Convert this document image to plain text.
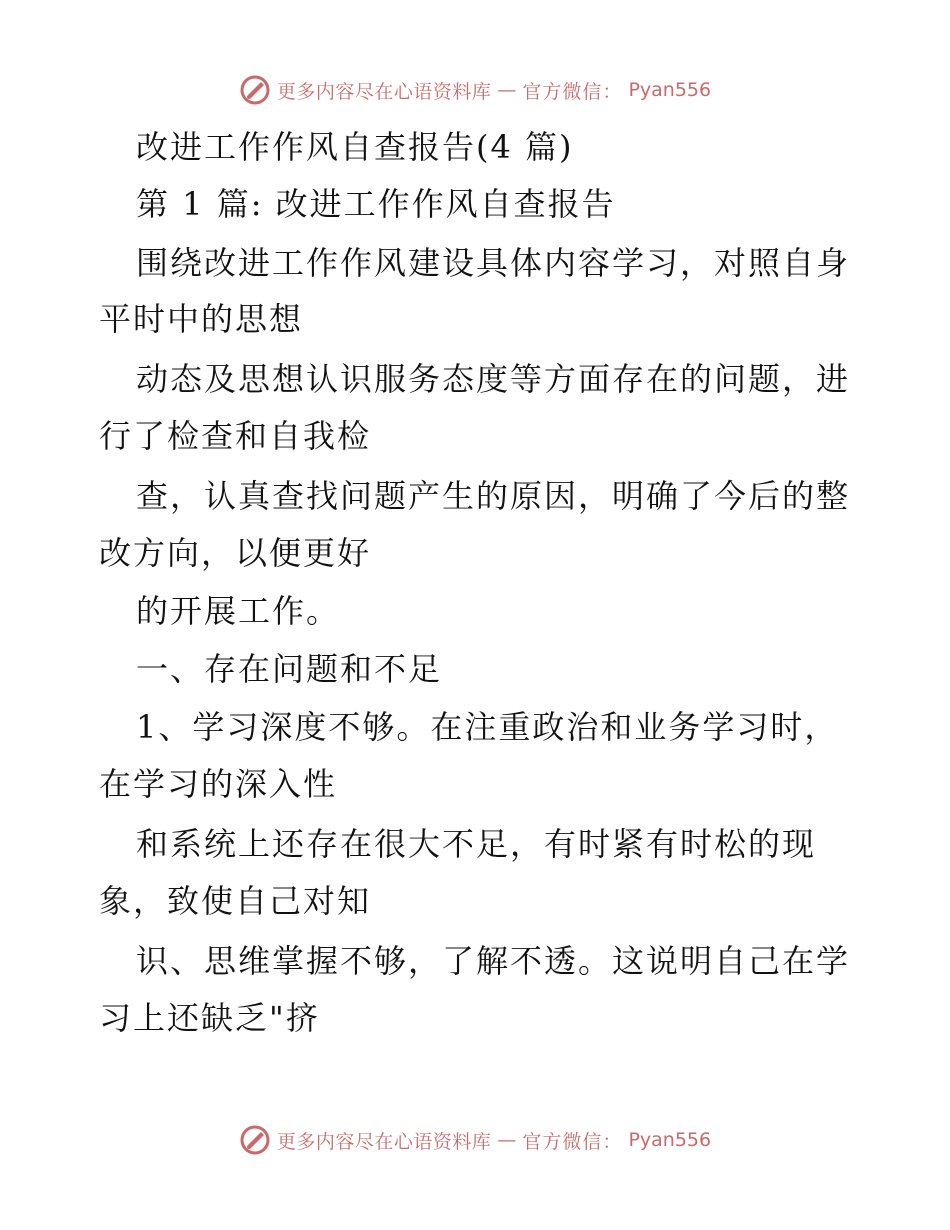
更多内容尽在心语资料库 — 官方微信： Pyan556
改进工作作风自查报告(4 篇)
第 1 篇: 改进工作作风自查报告
围绕改进工作作风建设具体内容学习，对照自身
平时中的思想
动态及思想认识服务态度等方面存在的问题，进
行了检查和自我检
查，认真查找问题产生的原因，明确了今后的整
改方向，以便更好
的开展工作。
一、存在问题和不足
1、学习深度不够。在注重政治和业务学习时，
在学习的深入性
和系统上还存在很大不足，有时紧有时松的现
象，致使自己对知
识、思维掌握不够，了解不透。这说明自己在学
习上还缺乏"挤
更多内容尽在心语资料库 — 官方微信： Pyan556
